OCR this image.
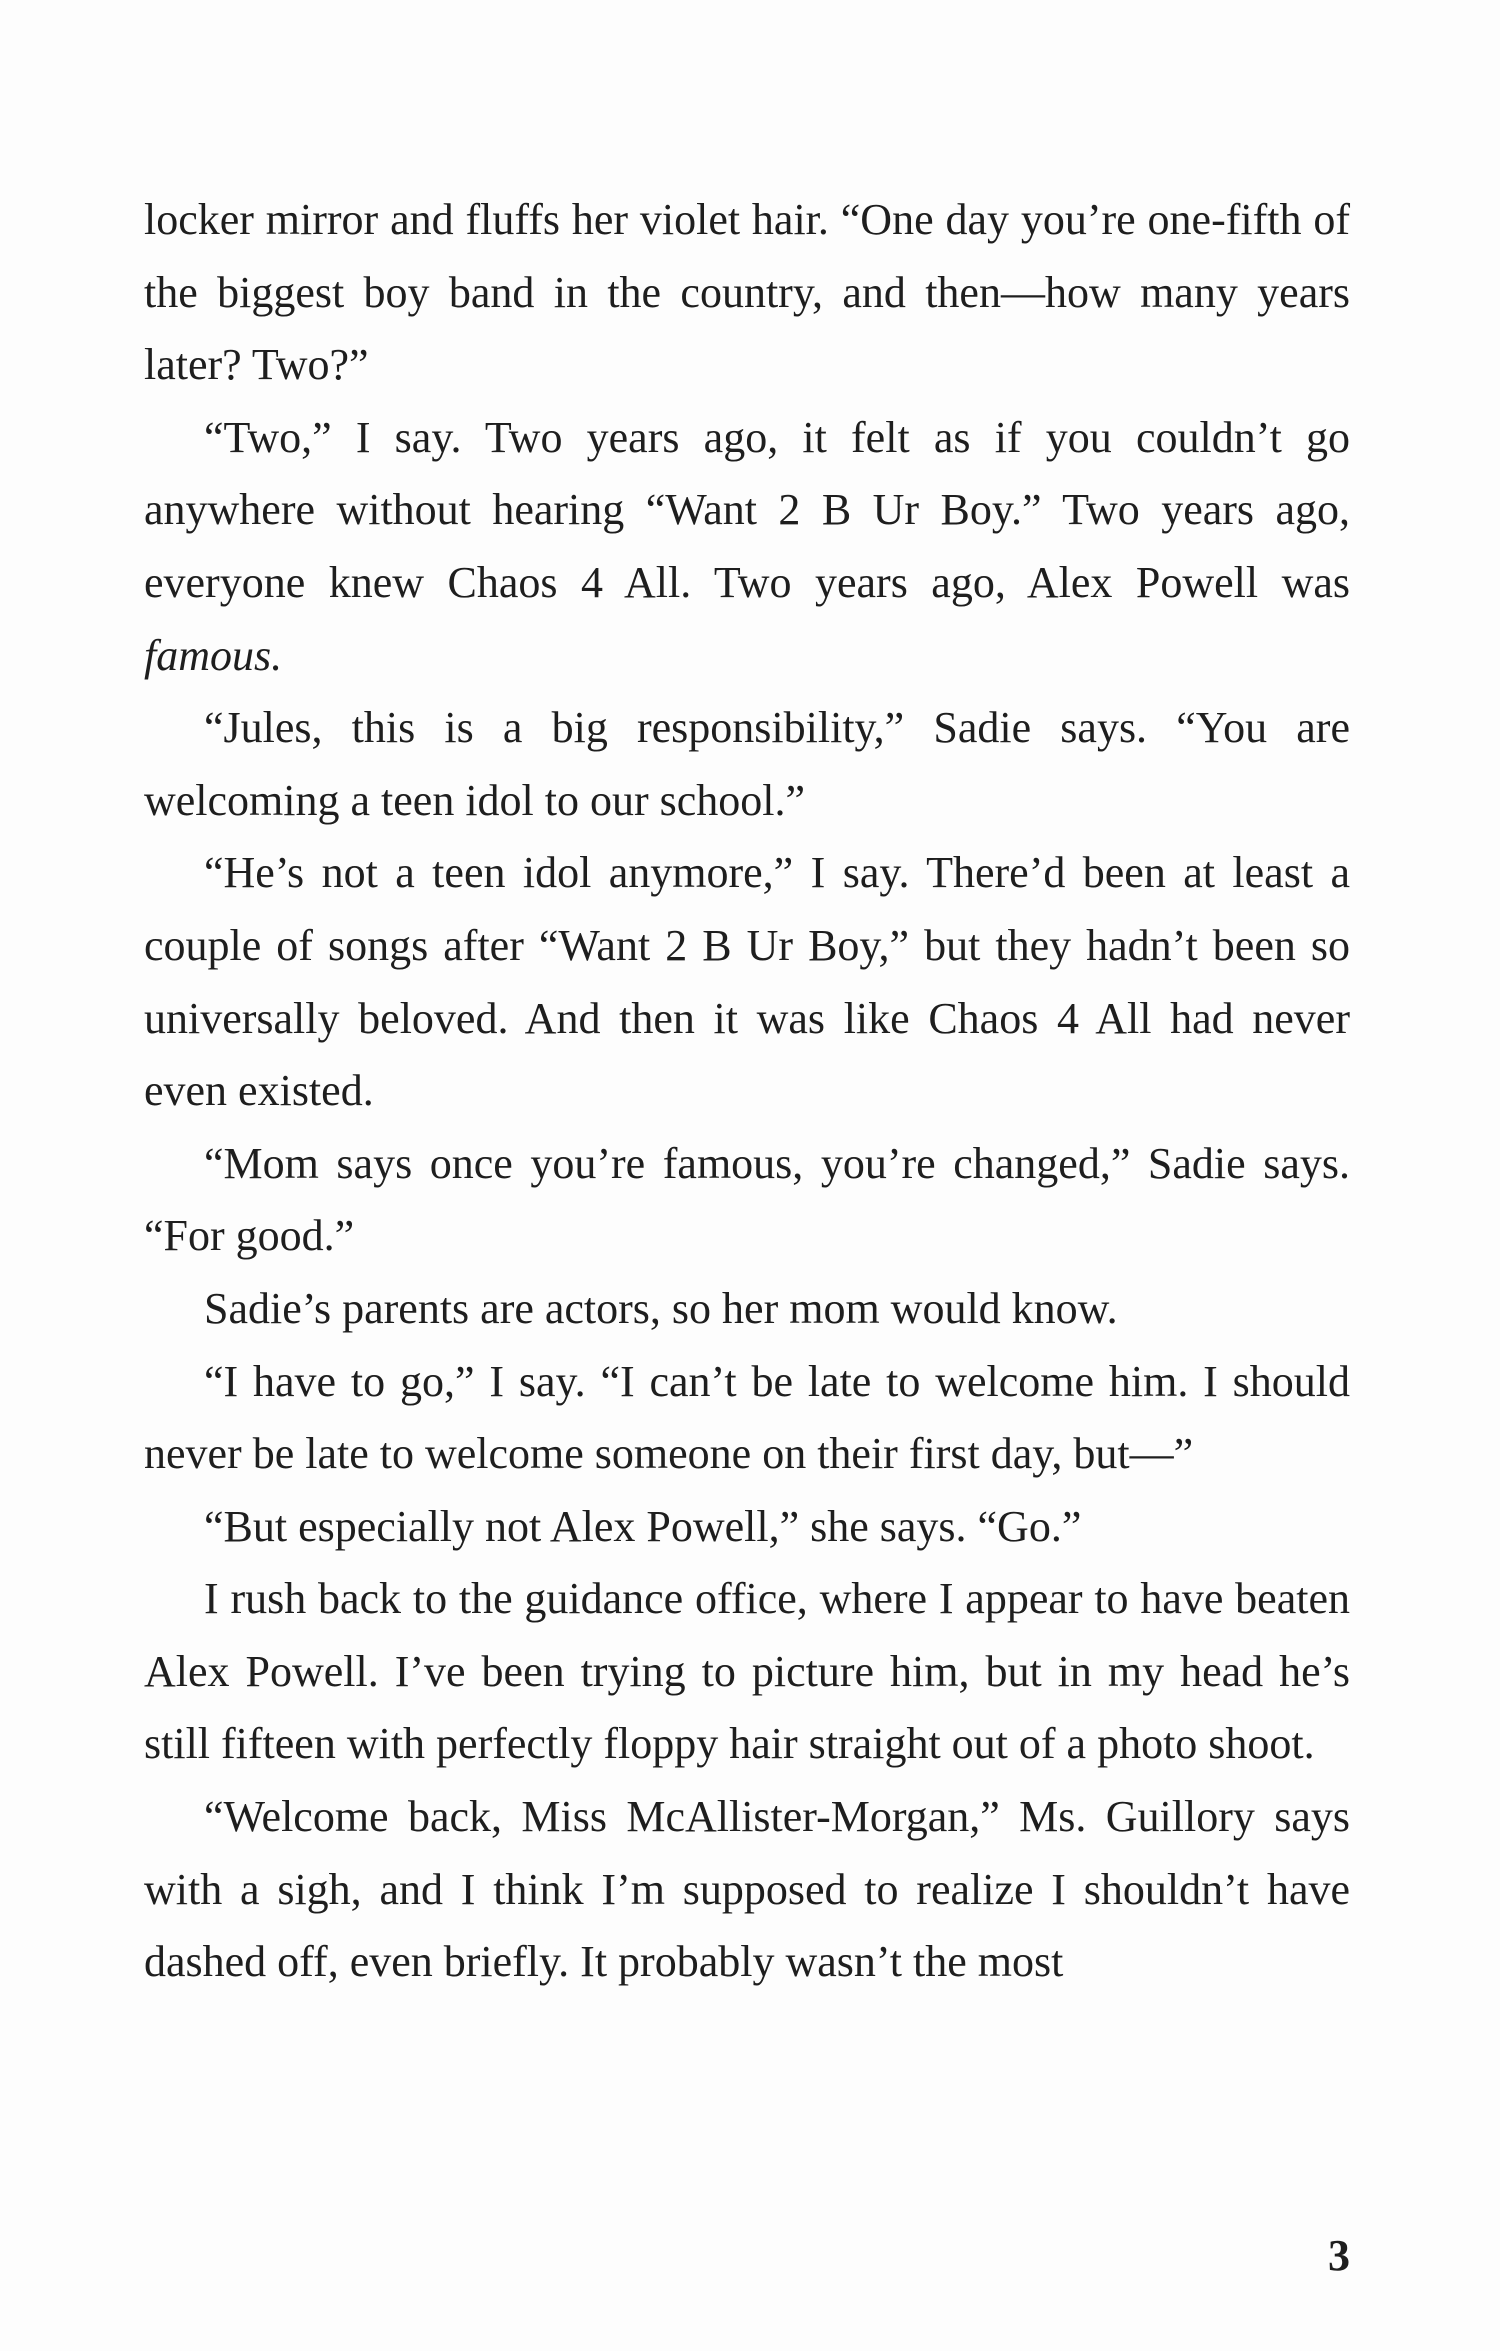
locker mirror and fluffs her violet hair. “One day you’re one-fifth of the biggest boy band in the country, and then—how many years later? Two?”

“Two,” I say. Two years ago, it felt as if you couldn’t go anywhere without hearing “Want 2 B Ur Boy.” Two years ago, everyone knew Chaos 4 All. Two years ago, Alex Powell was famous.

“Jules, this is a big responsibility,” Sadie says. “You are welcoming a teen idol to our school.”

“He’s not a teen idol anymore,” I say. There’d been at least a couple of songs after “Want 2 B Ur Boy,” but they hadn’t been so universally beloved. And then it was like Chaos 4 All had never even existed.

“Mom says once you’re famous, you’re changed,” Sadie says. “For good.”

Sadie’s parents are actors, so her mom would know.

“I have to go,” I say. “I can’t be late to welcome him. I should never be late to welcome someone on their first day, but—”

“But especially not Alex Powell,” she says. “Go.”

I rush back to the guidance office, where I appear to have beaten Alex Powell. I’ve been trying to picture him, but in my head he’s still fifteen with perfectly floppy hair straight out of a photo shoot.

“Welcome back, Miss McAllister-Morgan,” Ms. Guillory says with a sigh, and I think I’m supposed to realize I shouldn’t have dashed off, even briefly. It probably wasn’t the most

3
